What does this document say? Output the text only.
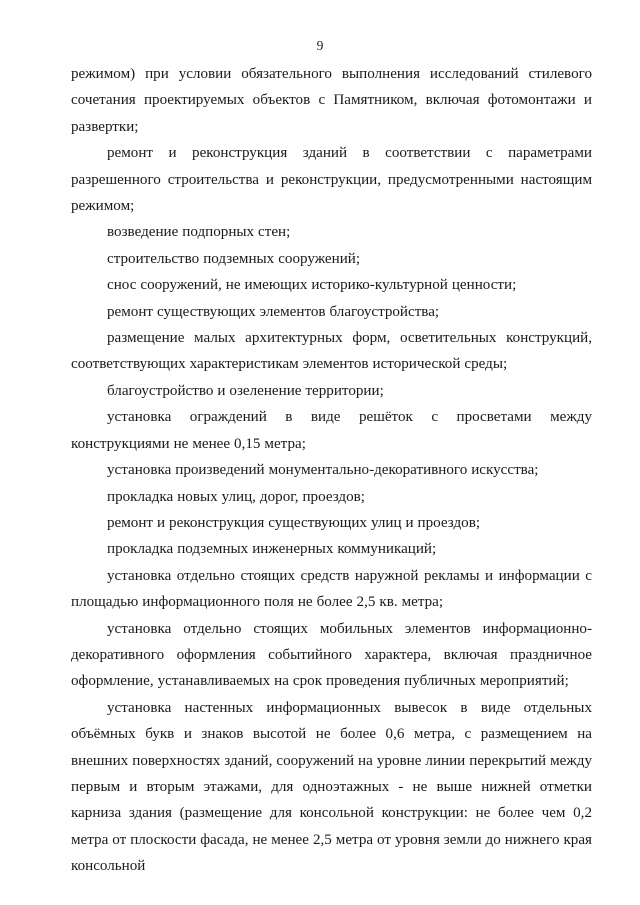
9

режимом) при условии обязательного выполнения исследований стилевого сочетания проектируемых объектов с Памятником, включая фотомонтажи и развертки;

ремонт и реконструкция зданий в соответствии с параметрами разрешенного строительства и реконструкции, предусмотренными настоящим режимом;

возведение подпорных стен;

строительство подземных сооружений;

снос сооружений, не имеющих историко-культурной ценности;

ремонт существующих элементов благоустройства;

размещение малых архитектурных форм, осветительных конструкций, соответствующих характеристикам элементов исторической среды;

благоустройство и озеленение территории;

установка ограждений в виде решёток с просветами между конструкциями не менее 0,15 метра;

установка произведений монументально-декоративного искусства;

прокладка новых улиц, дорог, проездов;

ремонт и реконструкция существующих улиц и проездов;

прокладка подземных инженерных коммуникаций;

установка отдельно стоящих средств наружной рекламы и информации с площадью информационного поля не более 2,5 кв. метра;

установка отдельно стоящих мобильных элементов информационно-декоративного оформления событийного характера, включая праздничное оформление, устанавливаемых на срок проведения публичных мероприятий;

установка настенных информационных вывесок в виде отдельных объёмных букв и знаков высотой не более 0,6 метра, с размещением на внешних поверхностях зданий, сооружений на уровне линии перекрытий между первым и вторым этажами, для одноэтажных - не выше нижней отметки карниза здания (размещение для консольной конструкции: не более чем 0,2 метра от плоскости фасада, не менее 2,5 метра от уровня земли до нижнего края консольной
